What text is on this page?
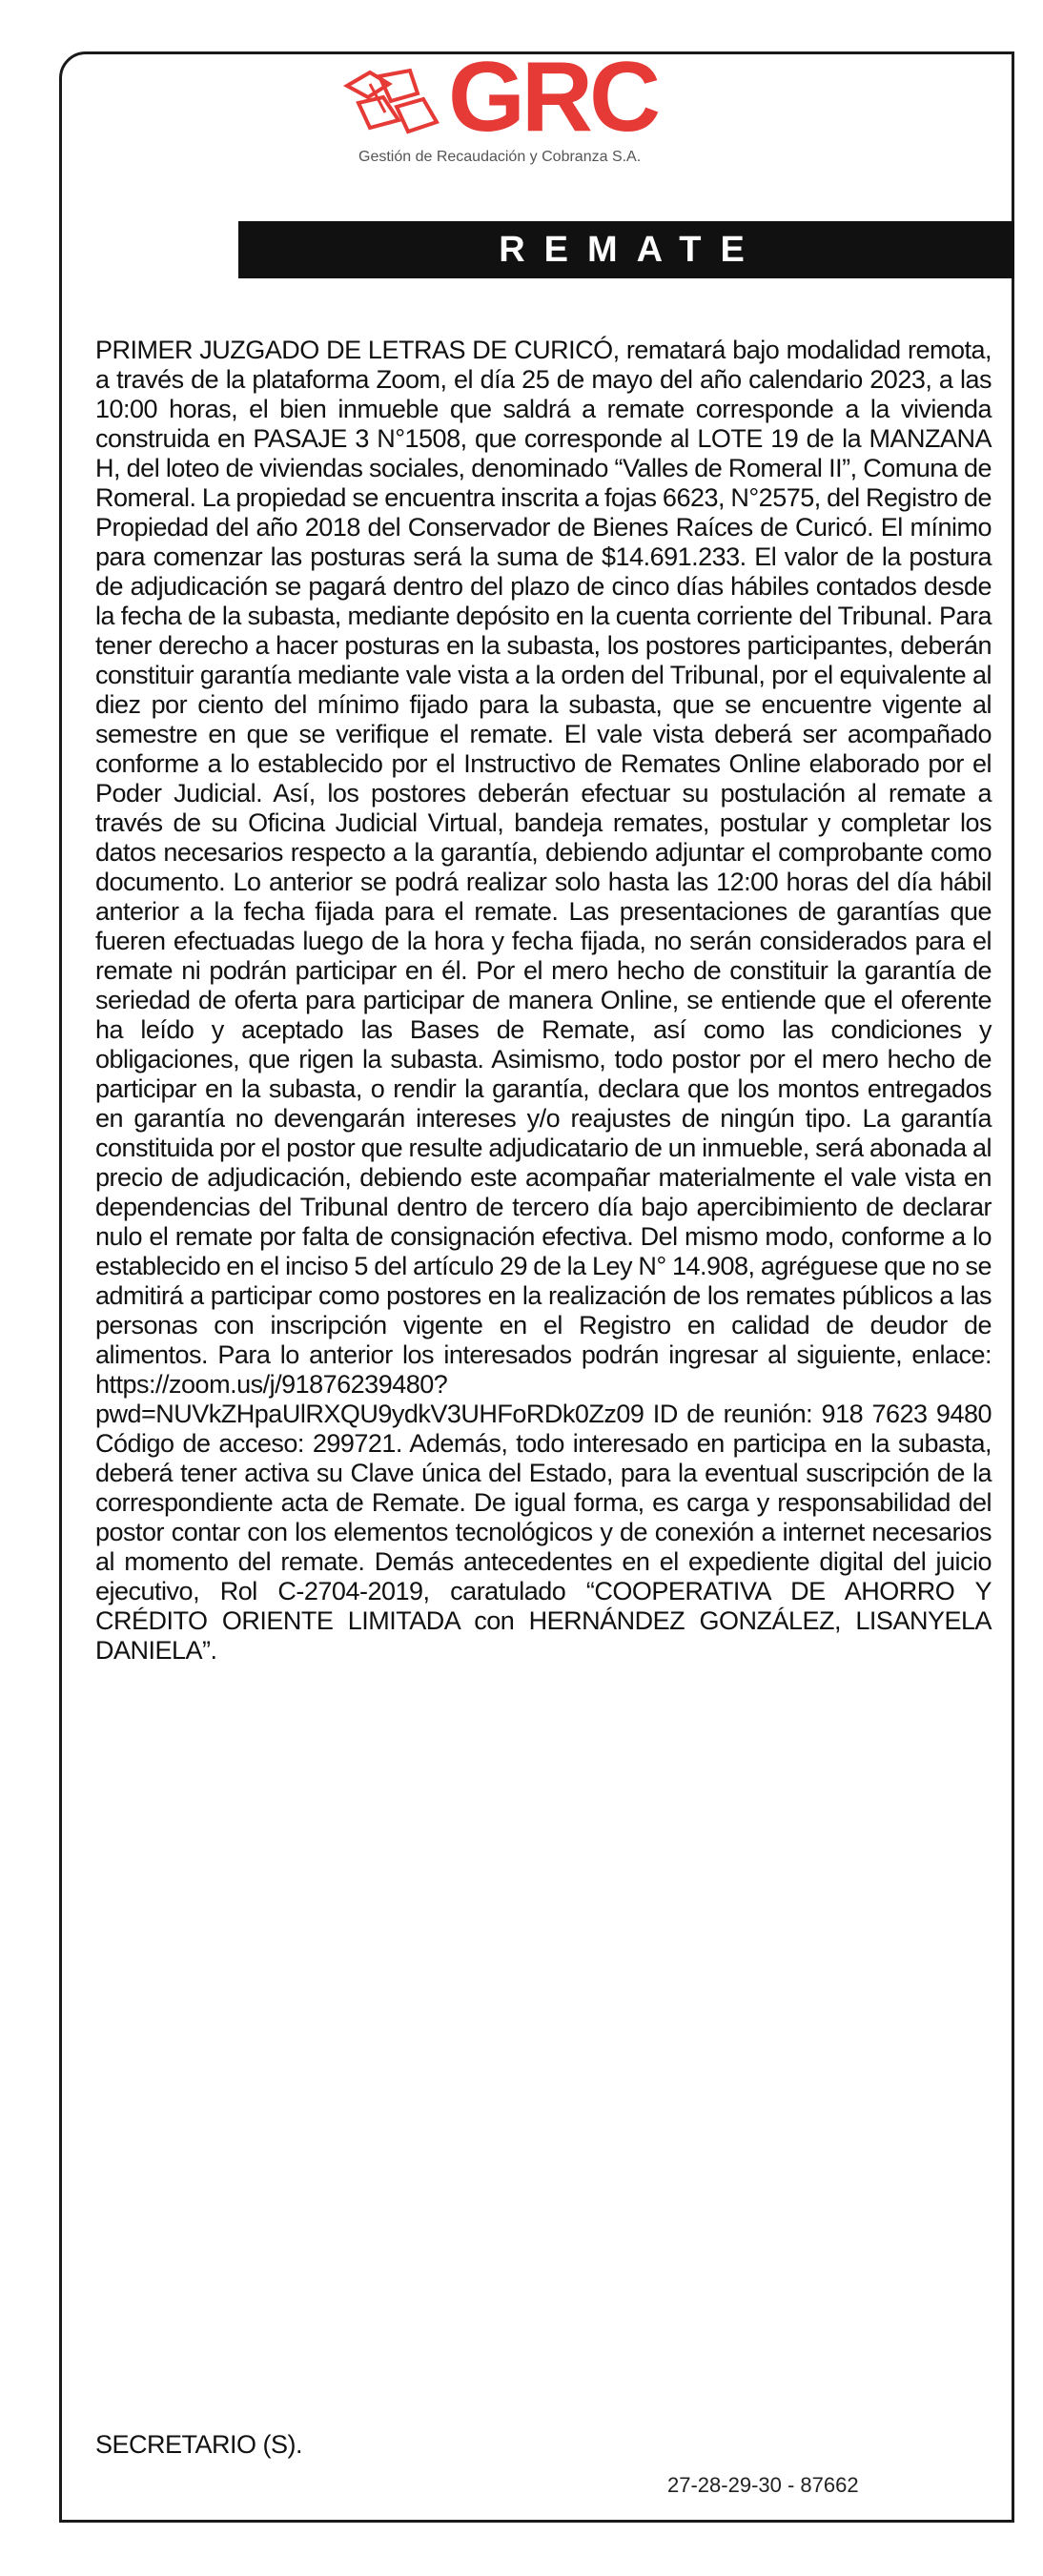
GRC
Gestión de Recaudación y Cobranza S.A.
REMATE

PRIMER JUZGADO DE LETRAS DE CURICÓ, rematará bajo modalidad remota, a través de la plataforma Zoom, el día 25 de mayo del año calendario 2023, a las 10:00 horas, el bien inmueble que saldrá a remate corresponde a la vivienda construida en PASAJE 3 N°1508, que corresponde al LOTE 19 de la MANZANA H, del loteo de viviendas sociales, denominado “Valles de Romeral II”, Comuna de Romeral. La propiedad se encuentra inscrita a fojas 6623, N°2575, del Registro de Propiedad del año 2018 del Conservador de Bienes Raíces de Curicó. El mínimo para comenzar las posturas será la suma de $14.691.233. El valor de la postura de adjudicación se pagará dentro del plazo de cinco días hábiles contados desde la fecha de la subasta, mediante depósito en la cuenta corriente del Tribunal. Para tener derecho a hacer posturas en la subasta, los postores participantes, deberán constituir garantía mediante vale vista a la orden del Tribunal, por el equivalente al diez por ciento del mínimo fijado para la subasta, que se encuentre vigente al semestre en que se verifique el remate. El vale vista deberá ser acompañado conforme a lo establecido por el Instructivo de Remates Online elaborado por el Poder Judicial. Así, los postores deberán efectuar su postulación al remate a través de su Oficina Judicial Virtual, bandeja remates, postular y completar los datos necesarios respecto a la garantía, debiendo adjuntar el comprobante como documento. Lo anterior se podrá realizar solo hasta las 12:00 horas del día hábil anterior a la fecha fijada para el remate. Las presentaciones de garantías que fueren efectuadas luego de la hora y fecha fijada, no serán considerados para el remate ni podrán participar en él. Por el mero hecho de constituir la garantía de seriedad de oferta para participar de manera Online, se entiende que el oferente ha leído y aceptado las Bases de Remate, así como las condiciones y obligaciones, que rigen la subasta. Asimismo, todo postor por el mero hecho de participar en la subasta, o rendir la garantía, declara que los montos entregados en garantía no devengarán intereses y/o reajustes de ningún tipo. La garantía constituida por el postor que resulte adjudicatario de un inmueble, será abonada al precio de adjudicación, debiendo este acompañar materialmente el vale vista en dependencias del Tribunal dentro de tercero día bajo apercibimiento de declarar nulo el remate por falta de consignación efectiva. Del mismo modo, conforme a lo establecido en el inciso 5 del artículo 29 de la Ley N° 14.908, agréguese que no se admitirá a participar como postores en la realización de los remates públicos a las personas con inscripción vigente en el Registro en calidad de deudor de alimentos. Para lo anterior los interesados podrán ingresar al siguiente, enlace: https://zoom.us/j/91876239480?pwd=NUVkZHpaUlRXQU9ydkV3UHFoRDk0Zz09 ID de reunión: 918 7623 9480 Código de acceso: 299721. Además, todo interesado en participa en la subasta, deberá tener activa su Clave única del Estado, para la eventual suscripción de la correspondiente acta de Remate. De igual forma, es carga y responsabilidad del postor contar con los elementos tecnológicos y de conexión a internet necesarios al momento del remate. Demás antecedentes en el expediente digital del juicio ejecutivo, Rol C-2704-2019, caratulado “COOPERATIVA DE AHORRO Y CRÉDITO ORIENTE LIMITADA con HERNÁNDEZ GONZÁLEZ, LISANYELA DANIELA”.

SECRETARIO (S).
27-28-29-30 - 87662
